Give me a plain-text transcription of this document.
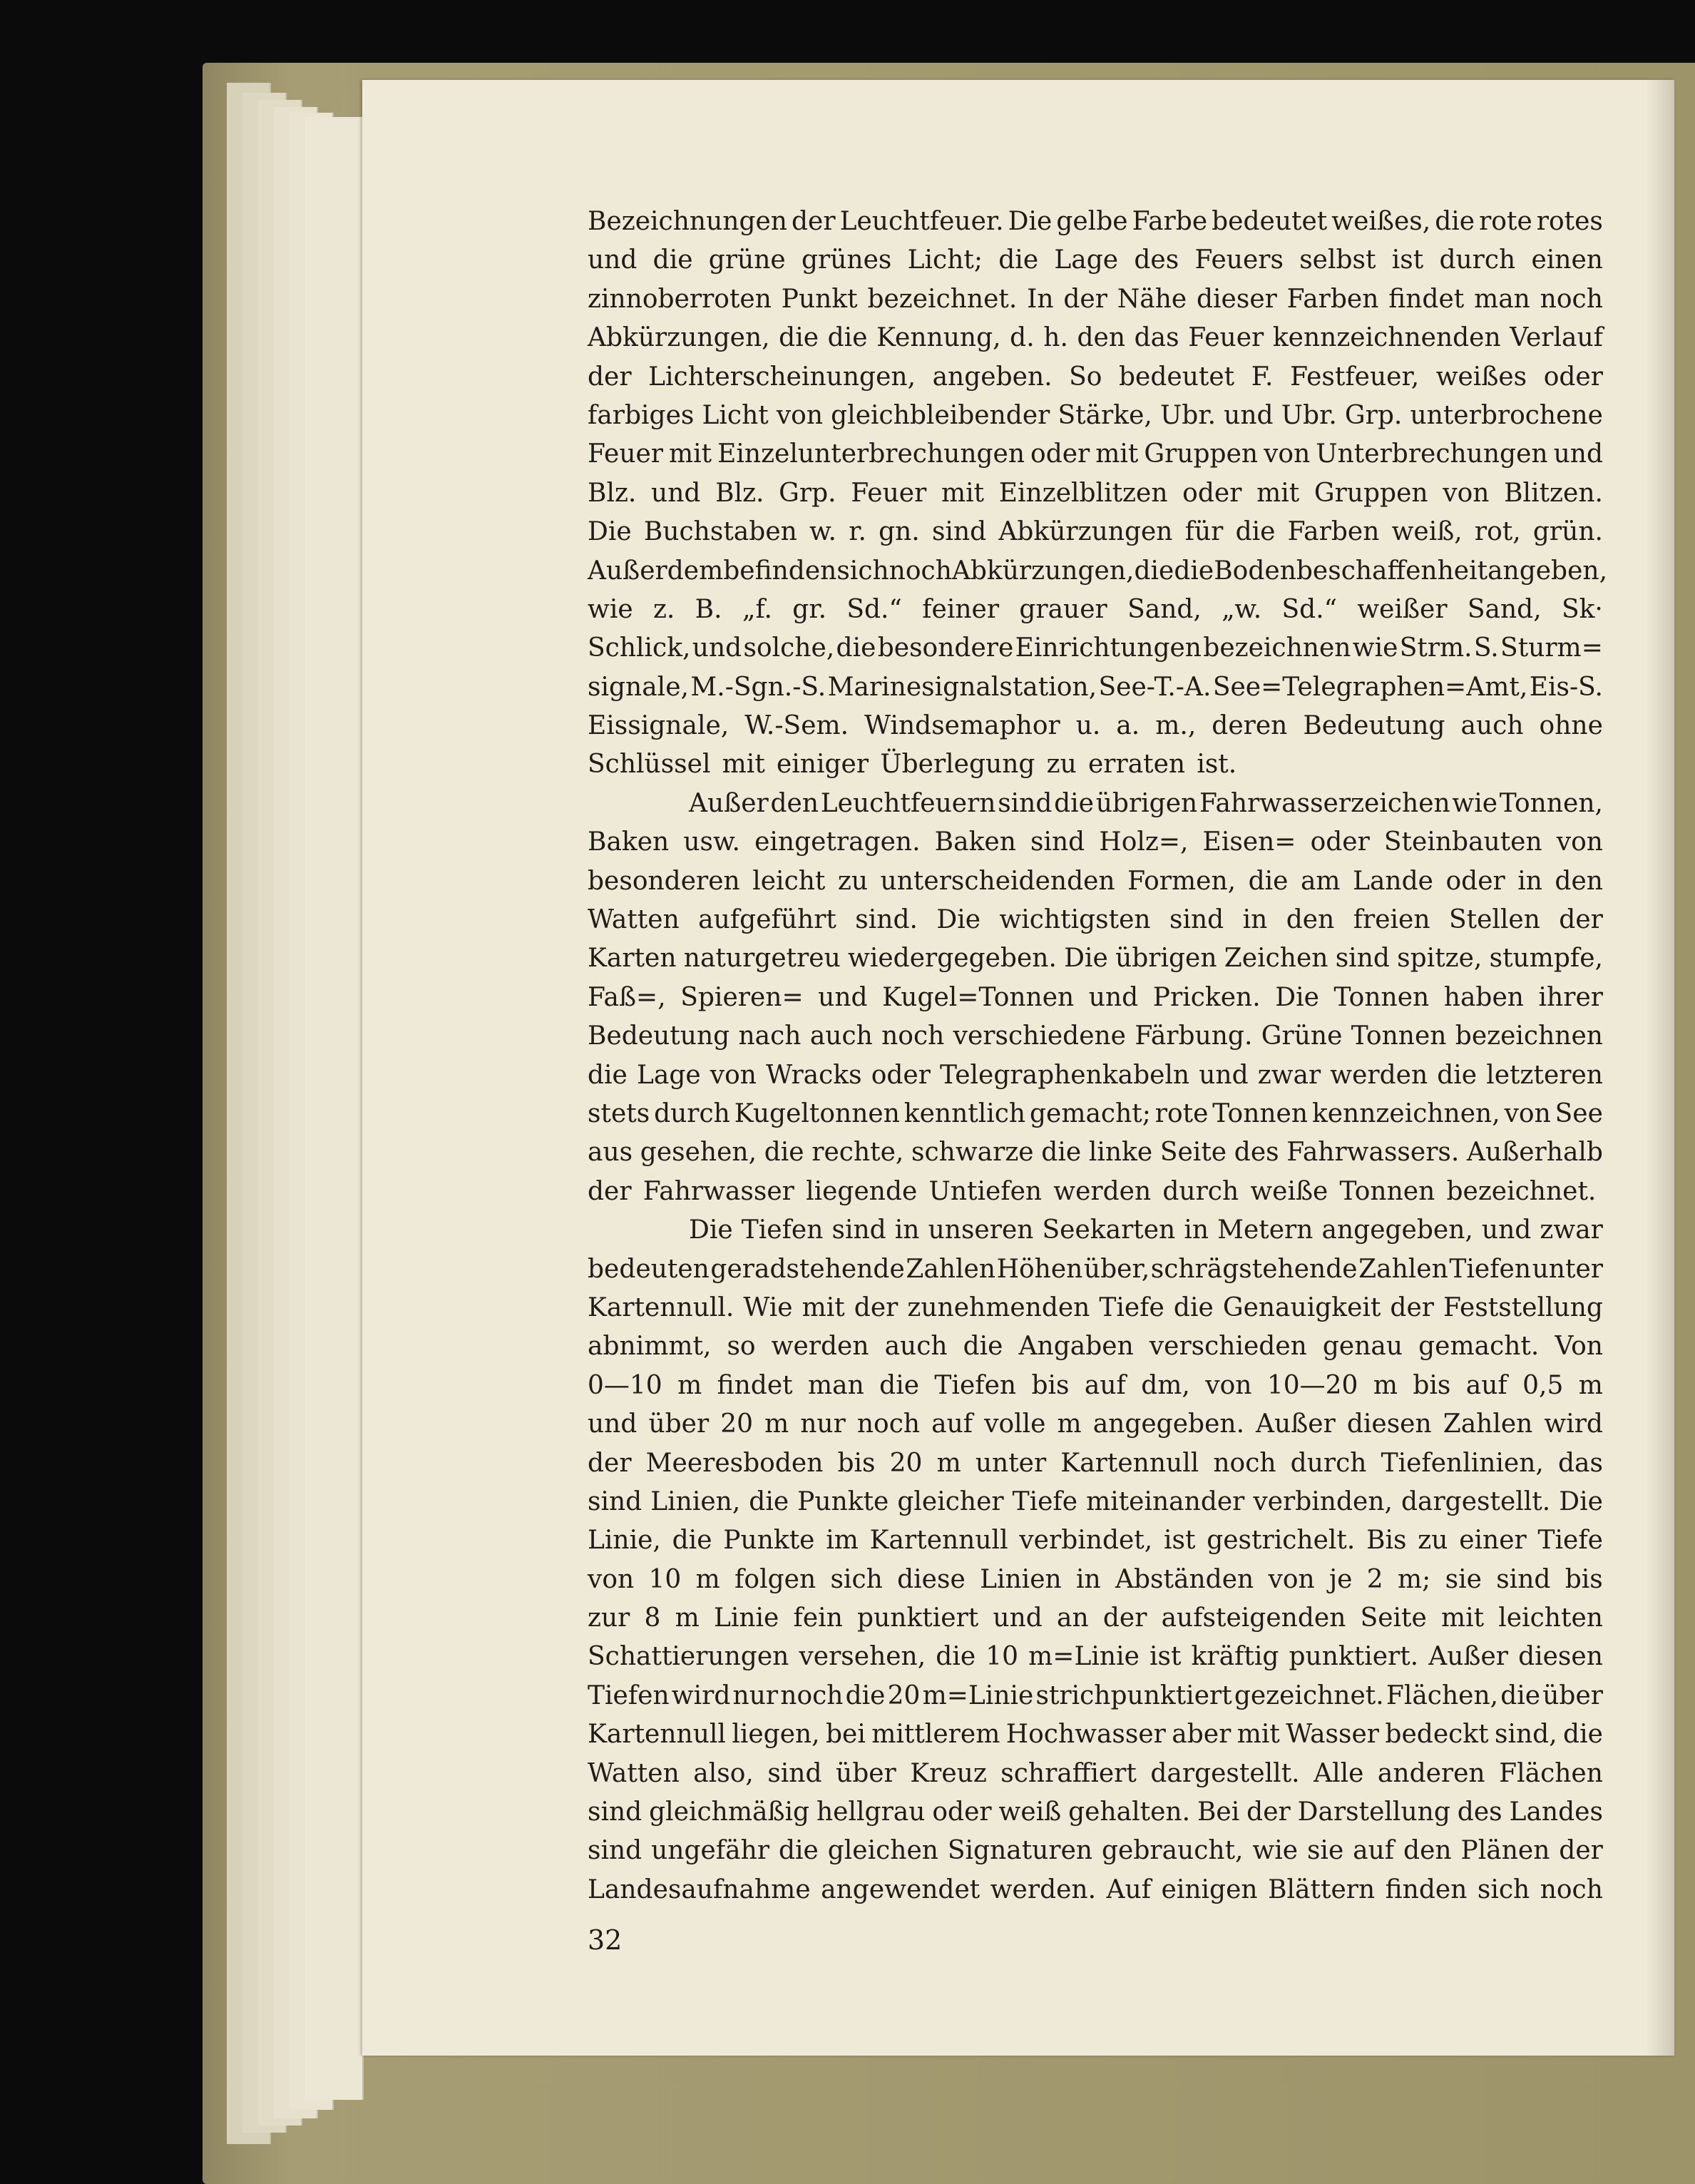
Bezeichnungen der Leuchtfeuer. Die gelbe Farbe bedeutet weißes, die rote rotes
und die grüne grünes Licht; die Lage des Feuers selbst ist durch einen
zinnoberroten Punkt bezeichnet. In der Nähe dieser Farben findet man noch
Abkürzungen, die die Kennung, d. h. den das Feuer kennzeichnenden Verlauf
der Lichterscheinungen, angeben. So bedeutet F. Festfeuer, weißes oder
farbiges Licht von gleichbleibender Stärke, Ubr. und Ubr. Grp. unterbrochene
Feuer mit Einzelunterbrechungen oder mit Gruppen von Unterbrechungen und
Blz. und Blz. Grp. Feuer mit Einzelblitzen oder mit Gruppen von Blitzen.
Die Buchstaben w. r. gn. sind Abkürzungen für die Farben weiß, rot, grün.
Außerdem befinden sich noch Abkürzungen, die die Bodenbeschaffenheit angeben,
wie z. B. „f. gr. Sd.“ feiner grauer Sand, „w. Sd.“ weißer Sand, Sk·
Schlick, und solche, die besondere Einrichtungen bezeichnen wie Strm. S. Sturm=
signale, M.-Sgn.-S. Marinesignalstation, See-T.-A. See=Telegraphen=Amt, Eis-S.
Eissignale, W.-Sem. Windsemaphor u. a. m., deren Bedeutung auch ohne
Schlüssel mit einiger Überlegung zu erraten ist.
Außer den Leuchtfeuern sind die übrigen Fahrwasserzeichen wie Tonnen,
Baken usw. eingetragen. Baken sind Holz=, Eisen= oder Steinbauten von
besonderen leicht zu unterscheidenden Formen, die am Lande oder in den
Watten aufgeführt sind. Die wichtigsten sind in den freien Stellen der
Karten naturgetreu wiedergegeben. Die übrigen Zeichen sind spitze, stumpfe,
Faß=, Spieren= und Kugel=Tonnen und Pricken. Die Tonnen haben ihrer
Bedeutung nach auch noch verschiedene Färbung. Grüne Tonnen bezeichnen
die Lage von Wracks oder Telegraphenkabeln und zwar werden die letzteren
stets durch Kugeltonnen kenntlich gemacht; rote Tonnen kennzeichnen, von See
aus gesehen, die rechte, schwarze die linke Seite des Fahrwassers. Außerhalb
der Fahrwasser liegende Untiefen werden durch weiße Tonnen bezeichnet.
Die Tiefen sind in unseren Seekarten in Metern angegeben, und zwar
bedeuten geradstehende Zahlen Höhen über, schrägstehende Zahlen Tiefen unter
Kartennull. Wie mit der zunehmenden Tiefe die Genauigkeit der Feststellung
abnimmt, so werden auch die Angaben verschieden genau gemacht. Von
0—10 m findet man die Tiefen bis auf dm, von 10—20 m bis auf 0,5 m
und über 20 m nur noch auf volle m angegeben. Außer diesen Zahlen wird
der Meeresboden bis 20 m unter Kartennull noch durch Tiefenlinien, das
sind Linien, die Punkte gleicher Tiefe miteinander verbinden, dargestellt. Die
Linie, die Punkte im Kartennull verbindet, ist gestrichelt. Bis zu einer Tiefe
von 10 m folgen sich diese Linien in Abständen von je 2 m; sie sind bis
zur 8 m Linie fein punktiert und an der aufsteigenden Seite mit leichten
Schattierungen versehen, die 10 m=Linie ist kräftig punktiert. Außer diesen
Tiefen wird nur noch die 20 m=Linie strichpunktiert gezeichnet. Flächen, die über
Kartennull liegen, bei mittlerem Hochwasser aber mit Wasser bedeckt sind, die
Watten also, sind über Kreuz schraffiert dargestellt. Alle anderen Flächen
sind gleichmäßig hellgrau oder weiß gehalten. Bei der Darstellung des Landes
sind ungefähr die gleichen Signaturen gebraucht, wie sie auf den Plänen der
Landesaufnahme angewendet werden. Auf einigen Blättern finden sich noch
32
